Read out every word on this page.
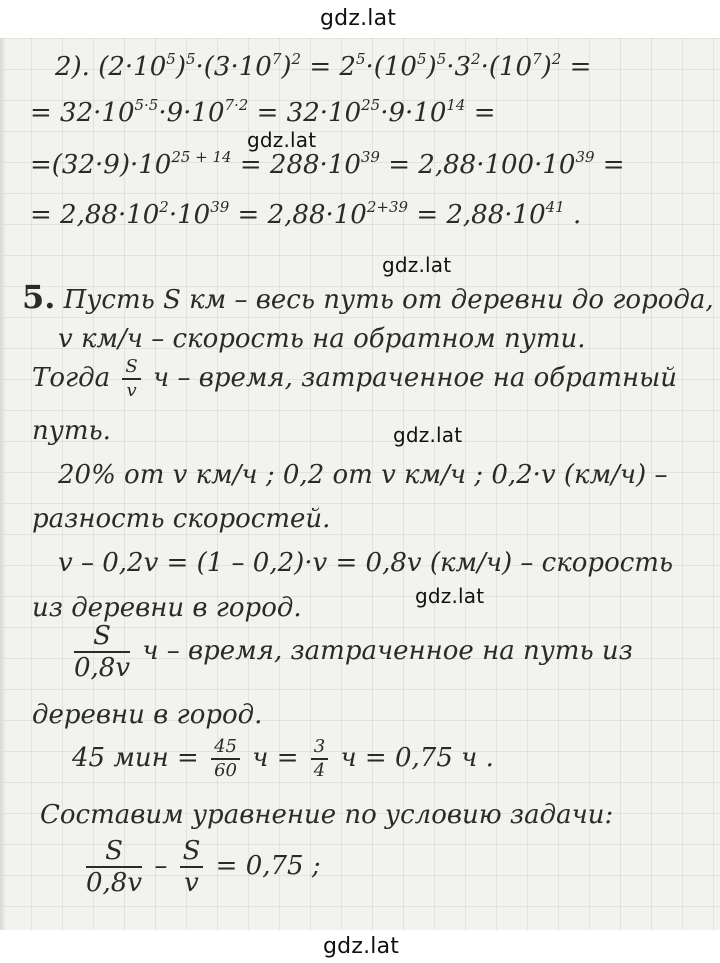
gdz.lat
2). $(2\cdot 10^5)^5\cdot(3\cdot 10^7)^2 = 2^5\cdot(10^5)^5\cdot 3^2\cdot(10^7)^2$ =
= $32\cdot 10^{5\cdot 5}\cdot 9\cdot 10^{7\cdot 2} = 32\cdot 10^{25}\cdot 9\cdot 10^{14}$ =
gdz.lat
$=(32\cdot 9)\cdot 10^{25 + 14} = 288\cdot 10^{39} = 2,88\cdot 100\cdot 10^{39}$ =
= $2,88\cdot 10^2\cdot 10^{39} = 2,88\cdot 10^{2+39} = 2,88\cdot 10^{41}$ .
gdz.lat
5. Пусть S км – весь путь от деревни до города,
v км/ч – скорость на обратном пути.
Тогда $\frac{S}{v}$ ч – время, затраченное на обратный
путь.	gdz.lat
20% от v км/ч ; 0,2 от v км/ч ; 0,2·v (км/ч) –
разность скоростей.
v – 0,2v = (1 – 0,2)·v = 0,8v (км/ч) – скорость
gdz.lat
из деревни в город.
$\frac{S}{0,8v}$ ч – время, затраченное на путь из
деревни в город.
45 мин = $\frac{45}{60}$ $ч = \frac{3}{4}$ ч = 0,75 ч .
Составим уравнение по условию задачи:
$\frac{S}{0,8v} - \frac{S}{v} = 0,75$ ;
gdz.lat
